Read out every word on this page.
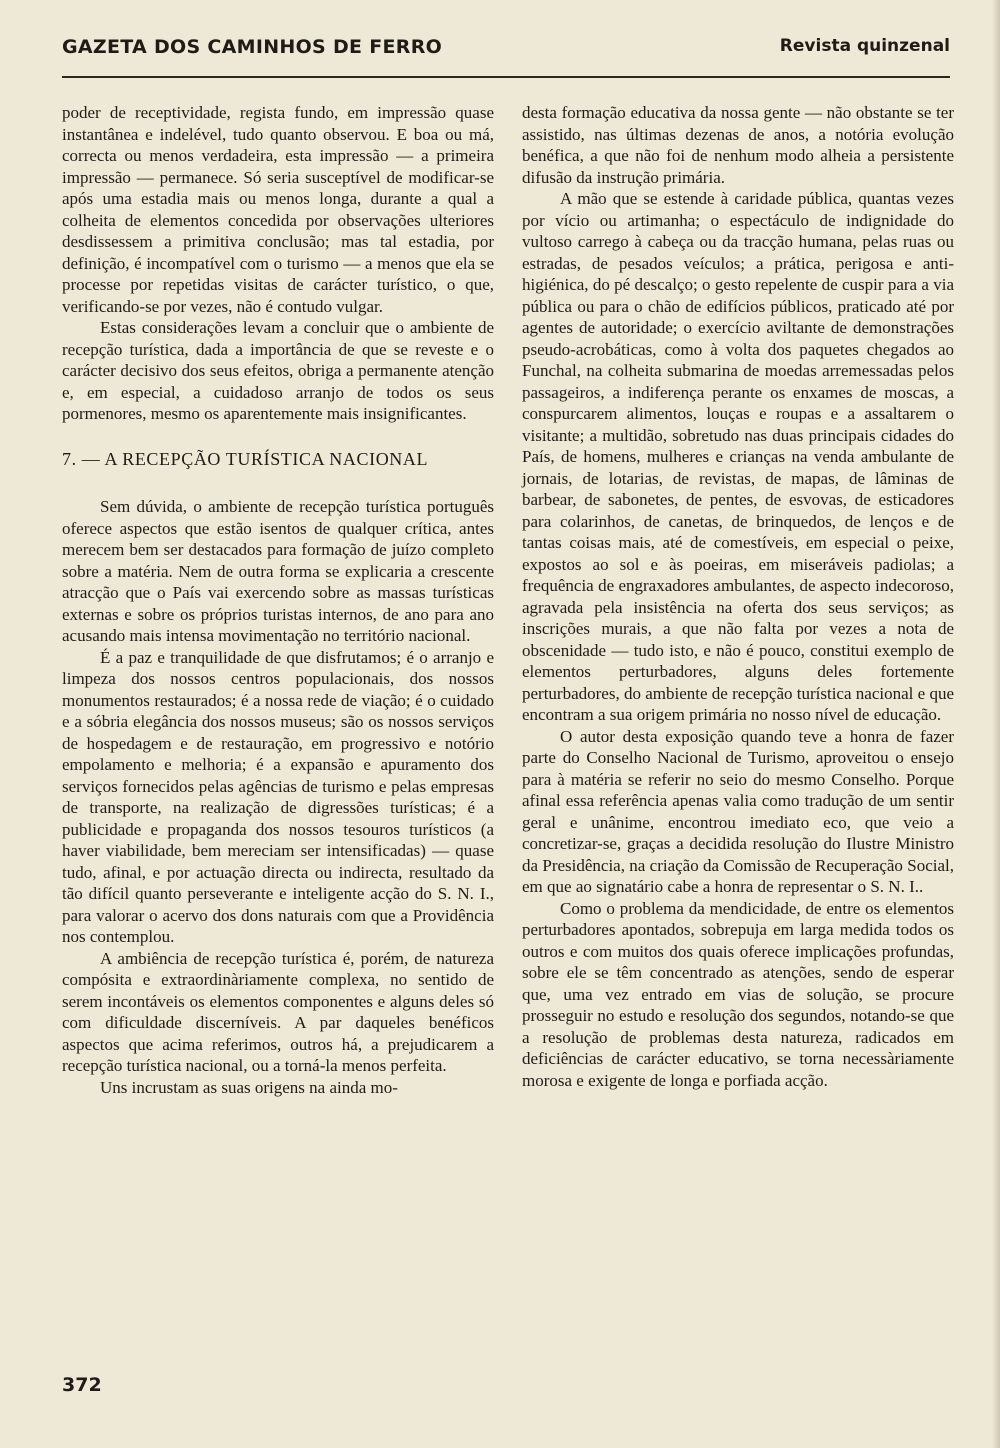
GAZETA DOS CAMINHOS DE FERRO	Revista quinzenal

poder de receptividade, regista fundo, em impressão quase instantânea e indelével, tudo quanto observou. E boa ou má, correcta ou menos verdadeira, esta impressão — a primeira impressão — permanece. Só seria susceptível de modificar-se após uma estadia mais ou menos longa, durante a qual a colheita de elementos concedida por observações ulteriores desdissessem a primitiva conclusão; mas tal estadia, por definição, é incompatível com o turismo — a menos que ela se processe por repetidas visitas de carácter turístico, o que, verificando-se por vezes, não é contudo vulgar.

Estas considerações levam a concluir que o ambiente de recepção turística, dada a importância de que se reveste e o carácter decisivo dos seus efeitos, obriga a permanente atenção e, em especial, a cuidadoso arranjo de todos os seus pormenores, mesmo os aparentemente mais insignificantes.

7. — A RECEPÇÃO TURÍSTICA NACIONAL

Sem dúvida, o ambiente de recepção turística português oferece aspectos que estão isentos de qualquer crítica, antes merecem bem ser destacados para formação de juízo completo sobre a matéria. Nem de outra forma se explicaria a crescente atracção que o País vai exercendo sobre as massas turísticas externas e sobre os próprios turistas internos, de ano para ano acusando mais intensa movimentação no território nacional.

É a paz e tranquilidade de que disfrutamos; é o arranjo e limpeza dos nossos centros populacionais, dos nossos monumentos restaurados; é a nossa rede de viação; é o cuidado e a sóbria elegância dos nossos museus; são os nossos serviços de hospedagem e de restauração, em progressivo e notório empolamento e melhoria; é a expansão e apuramento dos serviços fornecidos pelas agências de turismo e pelas empresas de transporte, na realização de digressões turísticas; é a publicidade e propaganda dos nossos tesouros turísticos (a haver viabilidade, bem mereciam ser intensificadas) — quase tudo, afinal, e por actuação directa ou indirecta, resultado da tão difícil quanto perseverante e inteligente acção do S. N. I., para valorar o acervo dos dons naturais com que a Providência nos contemplou.

A ambiência de recepção turística é, porém, de natureza compósita e extraordinàriamente complexa, no sentido de serem incontáveis os elementos componentes e alguns deles só com dificuldade discerníveis. A par daqueles benéficos aspectos que acima referimos, outros há, a prejudicarem a recepção turística nacional, ou a torná-la menos perfeita.

Uns incrustam as suas origens na ainda mo-

desta formação educativa da nossa gente — não obstante se ter assistido, nas últimas dezenas de anos, a notória evolução benéfica, a que não foi de nenhum modo alheia a persistente difusão da instrução primária.

A mão que se estende à caridade pública, quantas vezes por vício ou artimanha; o espectáculo de indignidade do vultoso carrego à cabeça ou da tracção humana, pelas ruas ou estradas, de pesados veículos; a prática, perigosa e anti-higiénica, do pé descalço; o gesto repelente de cuspir para a via pública ou para o chão de edifícios públicos, praticado até por agentes de autoridade; o exercício aviltante de demonstrações pseudo-acrobáticas, como à volta dos paquetes chegados ao Funchal, na colheita submarina de moedas arremessadas pelos passageiros, a indiferença perante os enxames de moscas, a conspurcarem alimentos, louças e roupas e a assaltarem o visitante; a multidão, sobretudo nas duas principais cidades do País, de homens, mulheres e crianças na venda ambulante de jornais, de lotarias, de revistas, de mapas, de lâminas de barbear, de sabonetes, de pentes, de esvovas, de esticadores para colarinhos, de canetas, de brinquedos, de lenços e de tantas coisas mais, até de comestíveis, em especial o peixe, expostos ao sol e às poeiras, em miseráveis padiolas; a frequência de engraxadores ambulantes, de aspecto indecoroso, agravada pela insistência na oferta dos seus serviços; as inscrições murais, a que não falta por vezes a nota de obscenidade — tudo isto, e não é pouco, constitui exemplo de elementos perturbadores, alguns deles fortemente perturbadores, do ambiente de recepção turística nacional e que encontram a sua origem primária no nosso nível de educação.

O autor desta exposição quando teve a honra de fazer parte do Conselho Nacional de Turismo, aproveitou o ensejo para à matéria se referir no seio do mesmo Conselho. Porque afinal essa referência apenas valia como tradução de um sentir geral e unânime, encontrou imediato eco, que veio a concretizar-se, graças a decidida resolução do Ilustre Ministro da Presidência, na criação da Comissão de Recuperação Social, em que ao signatário cabe a honra de representar o S. N. I..

Como o problema da mendicidade, de entre os elementos perturbadores apontados, sobrepuja em larga medida todos os outros e com muitos dos quais oferece implicações profundas, sobre ele se têm concentrado as atenções, sendo de esperar que, uma vez entrado em vias de solução, se procure prosseguir no estudo e resolução dos segundos, notando-se que a resolução de problemas desta natureza, radicados em deficiências de carácter educativo, se torna necessàriamente morosa e exigente de longa e porfiada acção.

372
